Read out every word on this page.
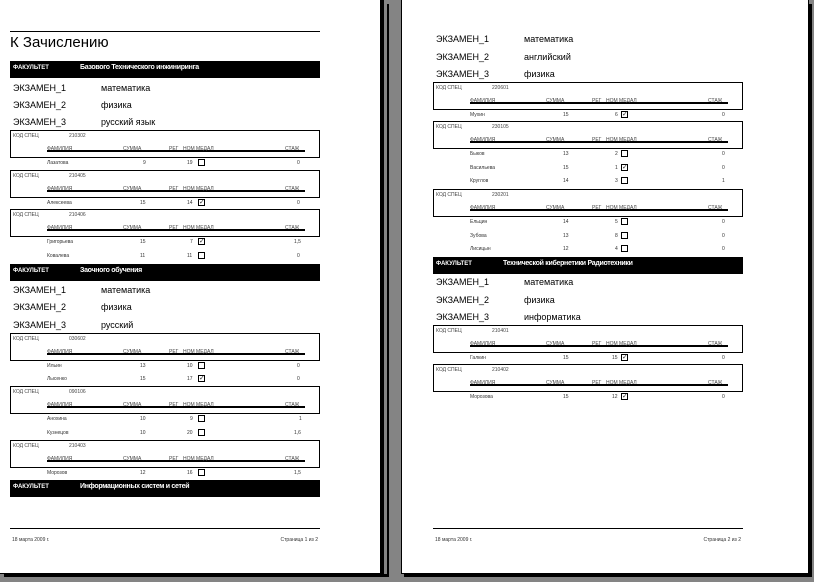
К Зачислению
ФАКУЛЬТЕТ	Базового Технического инжиниринга
ЭКЗАМЕН_1	математика
ЭКЗАМЕН_2	физика
ЭКЗАМЕН_3	русский язык
КОД СПЕЦ	210302
ФАМИЛИЯ	СУММА	РЕГ НОМ МЕДАЛ	СТАЖ
Лазатова	9	19	0
КОД СПЕЦ	210405
ФАМИЛИЯ	СУММА	РЕГ НОМ МЕДАЛ	СТАЖ
Алексеева	15	14 ✓	0
КОД СПЕЦ	210406
ФАМИЛИЯ	СУММА	РЕГ НОМ МЕДАЛ	СТАЖ
Григорьева	15	7 ✓	1,5
Ковалева	11	11	0
ФАКУЛЬТЕТ	Заочного обучения
ЭКЗАМЕН_1	математика
ЭКЗАМЕН_2	физика
ЭКЗАМЕН_3	русский
КОД СПЕЦ	030602
ФАМИЛИЯ	СУММА	РЕГ НОМ МЕДАЛ	СТАЖ
Ильин	13	10	0
Лысенко	15	17 ✓	0
КОД СПЕЦ	090106
ФАМИЛИЯ	СУММА	РЕГ НОМ МЕДАЛ	СТАЖ
Анохина	10	9	1
Кузнецов	10	20	1,6
КОД СПЕЦ	210403
ФАМИЛИЯ	СУММА	РЕГ НОМ МЕДАЛ	СТАЖ
Морозов	12	16	1,5
ФАКУЛЬТЕТ	Информационных систем и сетей
18 марта 2009 г.	Страница 1 из 2
ЭКЗАМЕН_1	математика
ЭКЗАМЕН_2	английский
ЭКЗАМЕН_3	физика
КОД СПЕЦ	220601
ФАМИЛИЯ	СУММА	РЕГ НОМ МЕДАЛ	СТАЖ
Мухин	15	6 ✓	0
КОД СПЕЦ	230105
ФАМИЛИЯ	СУММА	РЕГ НОМ МЕДАЛ	СТАЖ
Быков	13	2	0
Васильева	15	1 ✓	0
Круглов	14	3	1
КОД СПЕЦ	230201
ФАМИЛИЯ	СУММА	РЕГ НОМ МЕДАЛ	СТАЖ
Ельцин	14	5	0
Зубова	13	8	0
Лисицын	12	4	0
ФАКУЛЬТЕТ	Технической кибернетики Радиотехники
ЭКЗАМЕН_1	математика
ЭКЗАМЕН_2	физика
ЭКЗАМЕН_3	информатика
КОД СПЕЦ	210401
ФАМИЛИЯ	СУММА	РЕГ НОМ МЕДАЛ	СТАЖ
Галкин	15	15 ✓	0
КОД СПЕЦ	210402
ФАМИЛИЯ	СУММА	РЕГ НОМ МЕДАЛ	СТАЖ
Морозова	15	12 ✓	0
18 марта 2009 г.	Страница 2 из 2
